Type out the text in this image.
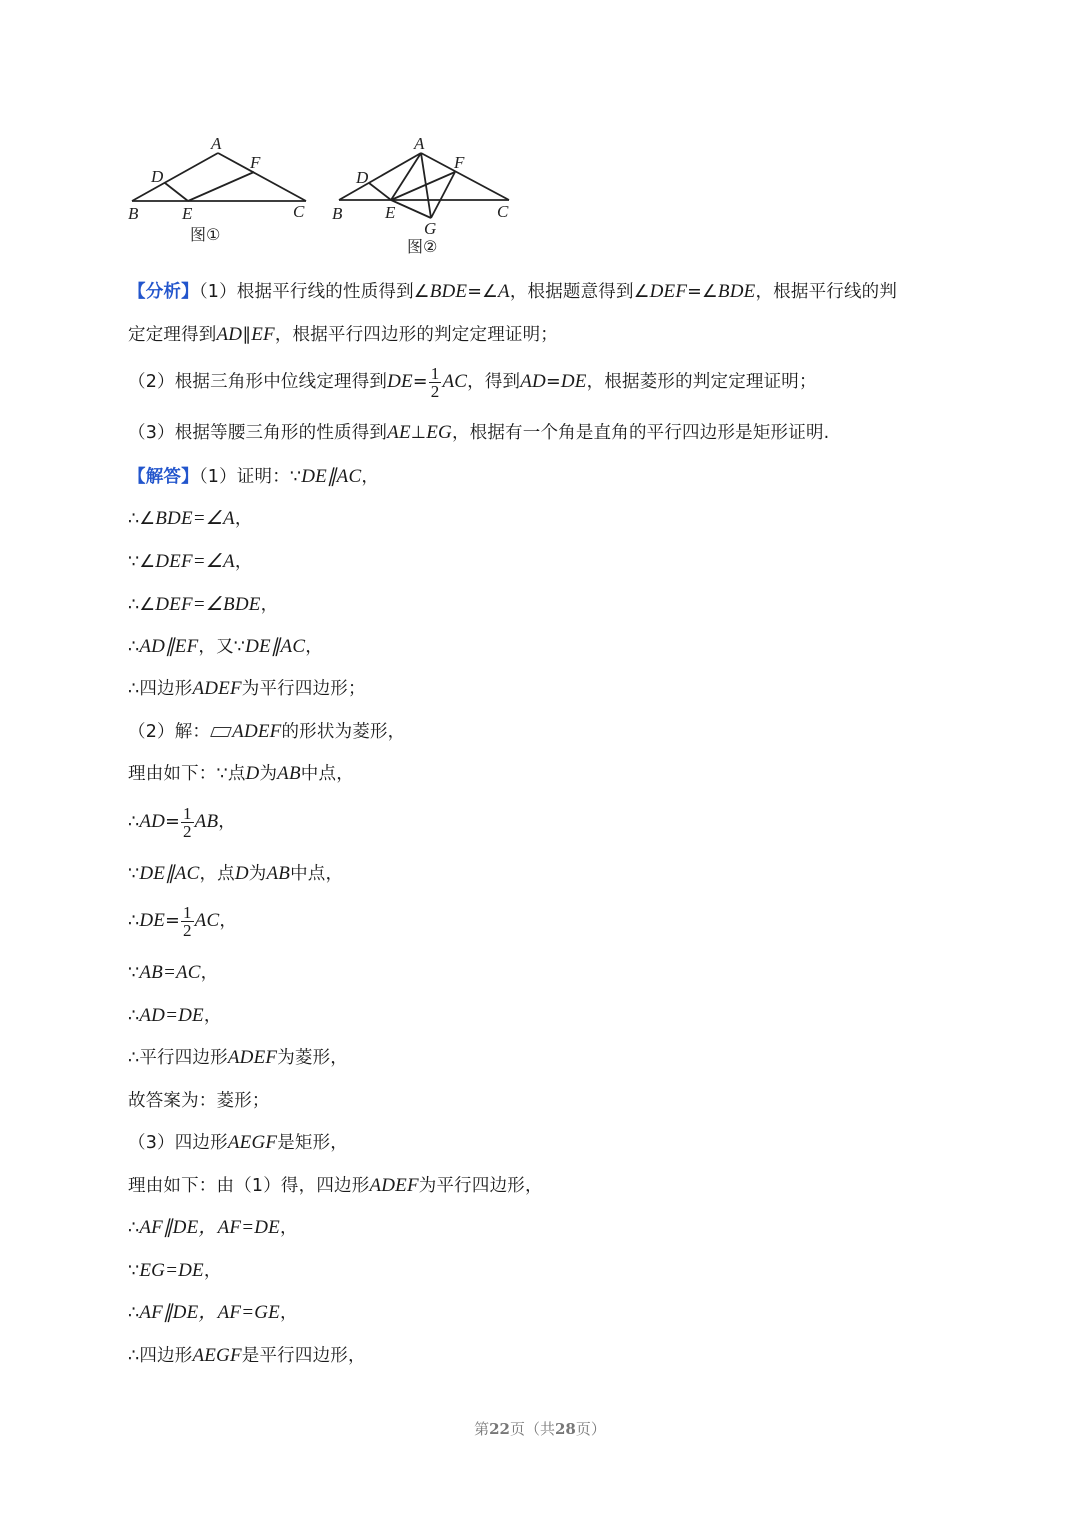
A
F
D
B	E	C
图①
A
F
D
B	E	C
G
图②
【分析】（1）根据平行线的性质得到∠BDE=∠A，根据题意得到∠DEF=∠BDE，根据平行线的判
定定理得到AD∥EF，根据平行四边形的判定定理证明；
（2）根据三角形中位线定理得到$DE= \frac{1}{2}$ AC，得到AD=DE，根据菱形的判定定理证明；
（3）根据等腰三角形的性质得到AE⊥EG，根据有一个角是直角的平行四边形是矩形证明.
【解答】（1）证明：∵DE∥AC，
∴∠BDE=∠A，
∵∠DEF=∠A，
∴∠DEF=∠BDE，
∴AD∥EF，又∵DE∥AC，
∴四边形ADEF为平行四边形；
（2）解： ADEF的形状为菱形，
理由如下：∵点D为AB中点，
∴AD= $\frac{1}{2}$ AB，
∵DE∥AC，点D为AB中点，
∴DE= $\frac{1}{2}$ AC，
∵AB=AC，
∴AD=DE，
∴平行四边形ADEF为菱形，
故答案为：菱形；
（3）四边形AEGF是矩形，
理由如下：由（1）得，四边形ADEF为平行四边形，
∴AF∥DE，AF=DE，
∵EG=DE，
∴AF∥DE，AF=GE，
∴四边形AEGF是平行四边形，
第22页（共28页）
